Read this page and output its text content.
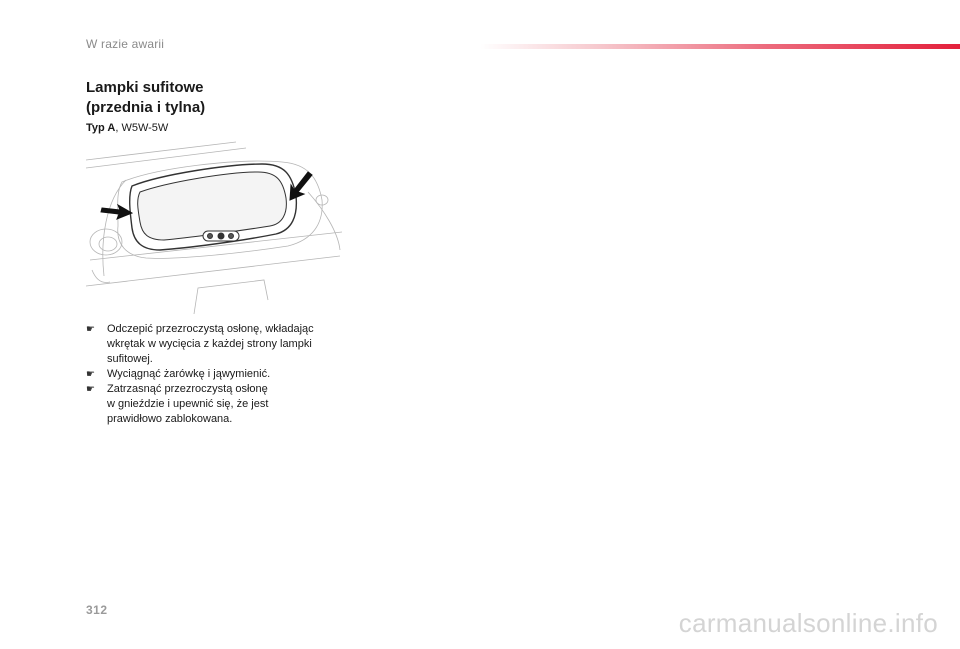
W razie awarii
Lampki sufitowe
(przednia i tylna)
Typ A, W5W-5W
☛ Odczepić przezroczystą osłonę, wkładając
wkrętak w wycięcia z każdej strony lampki
sufitowej.
☛ Wyciągnąć żarówkę i jąwymienić.
☛ Zatrzasnąć przezroczystą osłonę
w gnieździe i upewnić się, że jest
prawidłowo zablokowana.
312	carmanualsonline.info
